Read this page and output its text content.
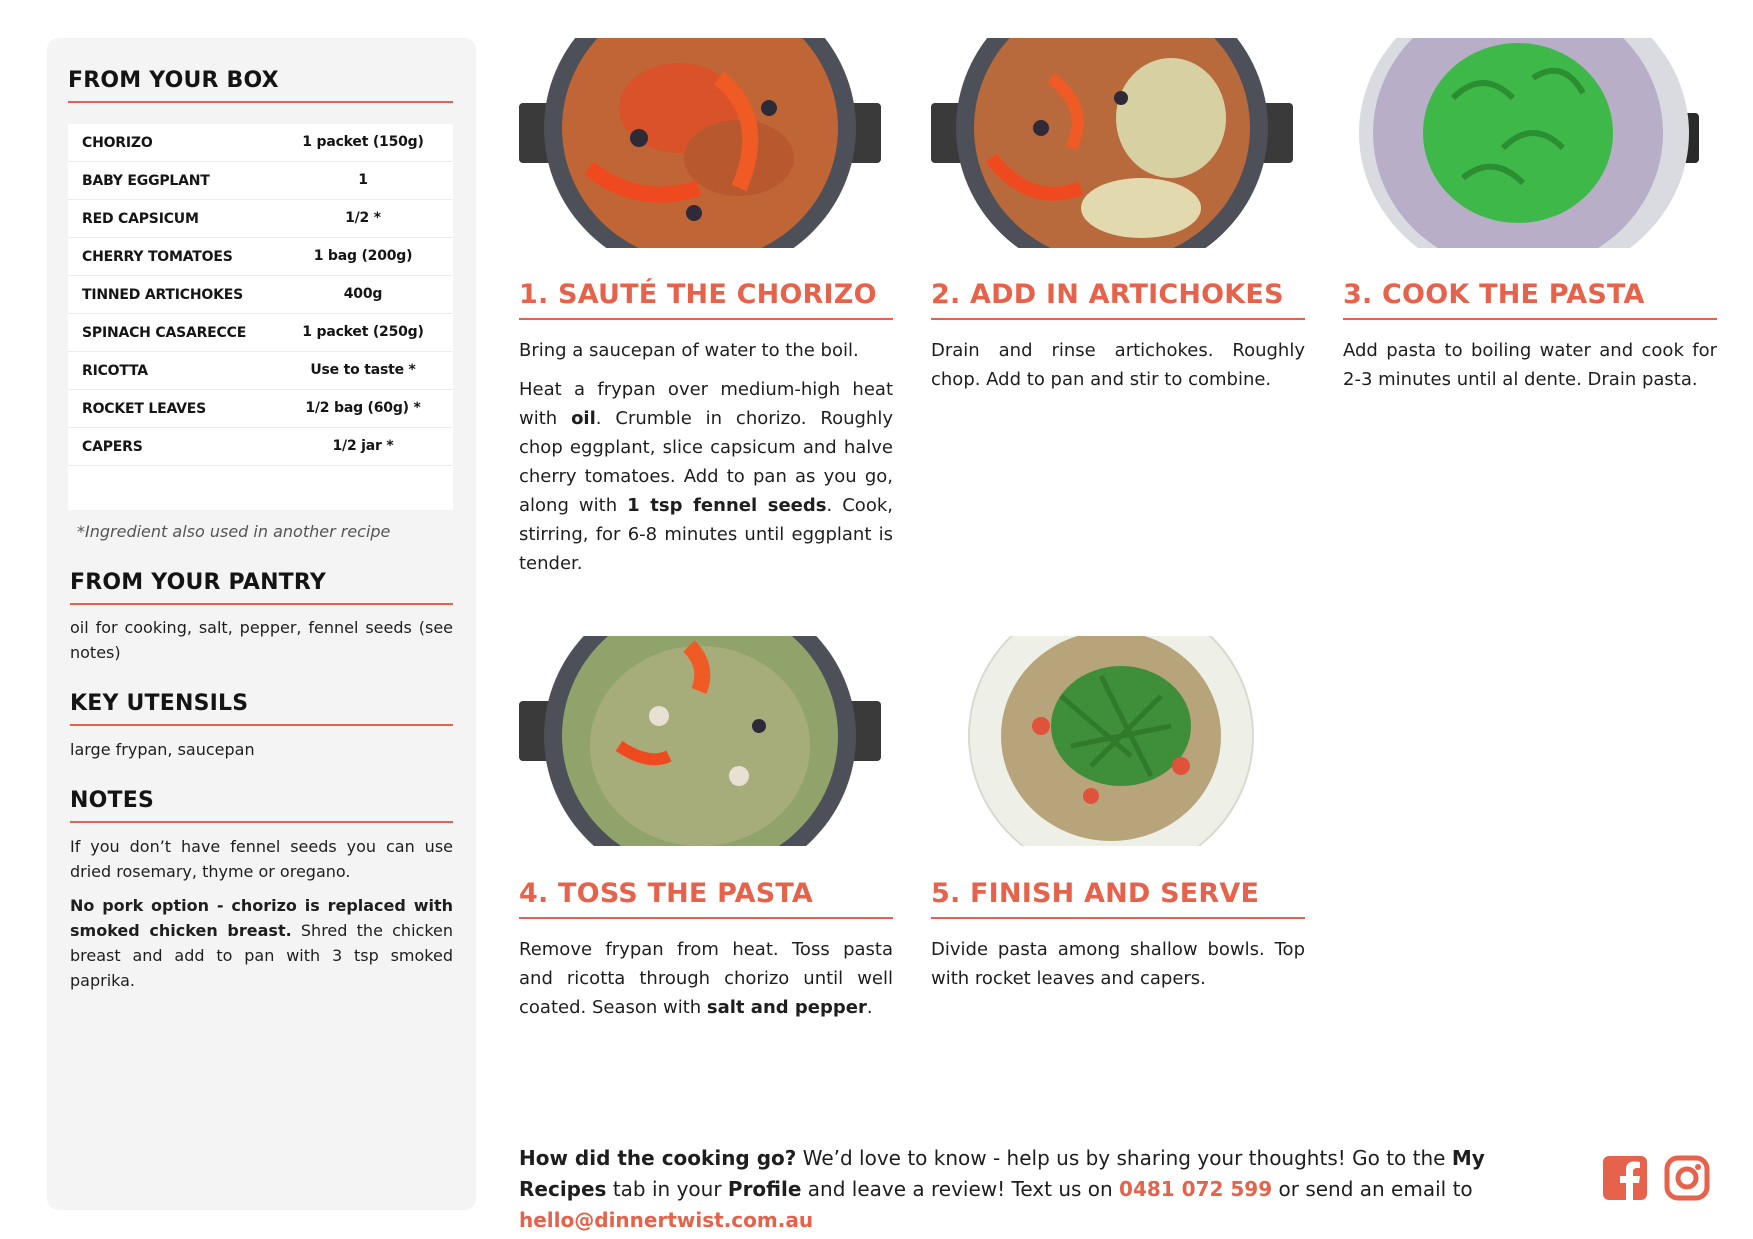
FROM YOUR BOX
CHORIZO	1 packet (150g)
BABY EGGPLANT	1
RED CAPSICUM	1/2 *
CHERRY TOMATOES	1 bag (200g)
TINNED ARTICHOKES	400g
SPINACH CASARECCE	1 packet (250g)
RICOTTA	Use to taste *
ROCKET LEAVES	1/2 bag (60g) *
CAPERS	1/2 jar *
*Ingredient also used in another recipe
FROM YOUR PANTRY
oil for cooking, salt, pepper, fennel seeds (see notes)
KEY UTENSILS
large frypan, saucepan
NOTES
If you don’t have fennel seeds you can use dried rosemary, thyme or oregano.
No pork option - chorizo is replaced with smoked chicken breast. Shred the chicken breast and add to pan with 3 tsp smoked paprika.
1. SAUTÉ THE CHORIZO

Bring a saucepan of water to the boil.

Heat a frypan over medium-high heat with oil. Crumble in chorizo. Roughly chop eggplant, slice capsicum and halve cherry tomatoes. Add to pan as you go, along with 1 tsp fennel seeds. Cook, stirring, for 6-8 minutes until eggplant is tender.

2. ADD IN ARTICHOKES

Drain and rinse artichokes. Roughly chop. Add to pan and stir to combine.

3. COOK THE PASTA

Add pasta to boiling water and cook for 2-3 minutes until al dente. Drain pasta.

4. TOSS THE PASTA

Remove frypan from heat. Toss pasta and ricotta through chorizo until well coated. Season with salt and pepper.

5. FINISH AND SERVE

Divide pasta among shallow bowls. Top with rocket leaves and capers.

How did the cooking go? We’d love to know - help us by sharing your thoughts! Go to the My Recipes tab in your Profile and leave a review! Text us on 0481 072 599 or send an email to hello@dinnertwist.com.au
